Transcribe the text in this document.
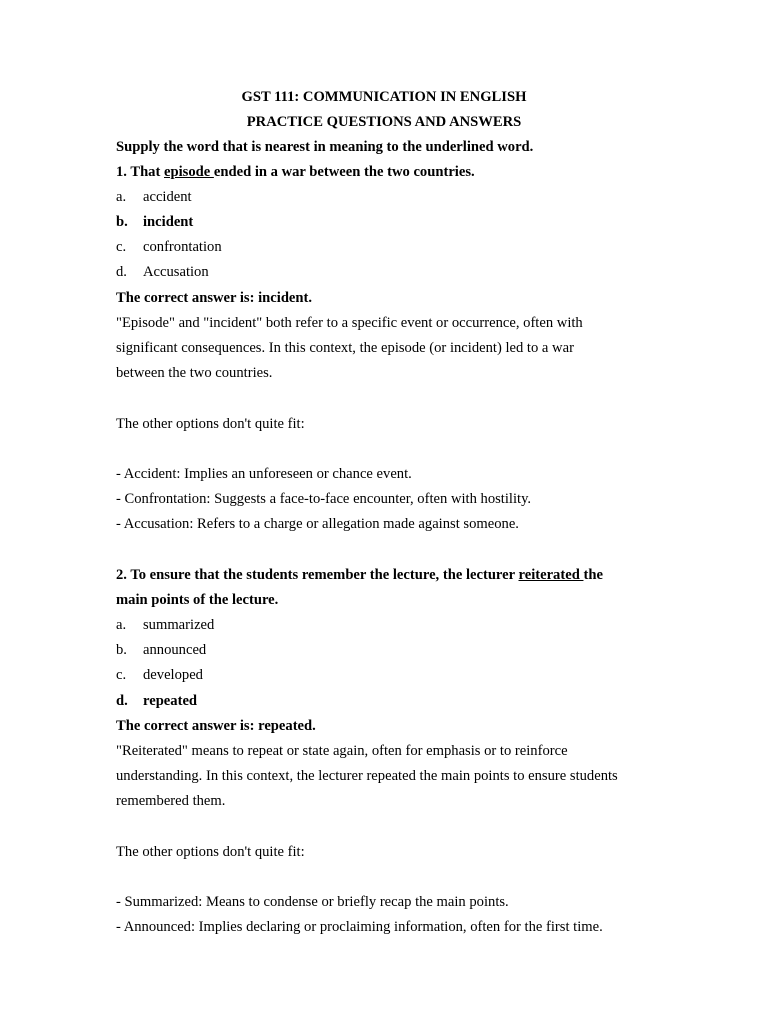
GST 111: COMMUNICATION IN ENGLISH
PRACTICE QUESTIONS AND ANSWERS
Supply the word that is nearest in meaning to the underlined word.
1. That episode ended in a war between the two countries.
a. accident
b. incident
c. confrontation
d. Accusation
The correct answer is: incident.
"Episode" and "incident" both refer to a specific event or occurrence, often with
significant consequences. In this context, the episode (or incident) led to a war
between the two countries.
The other options don't quite fit:
- Accident: Implies an unforeseen or chance event.
- Confrontation: Suggests a face-to-face encounter, often with hostility.
- Accusation: Refers to a charge or allegation made against someone.
2. To ensure that the students remember the lecture, the lecturer reiterated the
main points of the lecture.
a. summarized
b. announced
c. developed
d. repeated
The correct answer is: repeated.
"Reiterated" means to repeat or state again, often for emphasis or to reinforce
understanding. In this context, the lecturer repeated the main points to ensure students
remembered them.
The other options don't quite fit:
- Summarized: Means to condense or briefly recap the main points.
- Announced: Implies declaring or proclaiming information, often for the first time.
